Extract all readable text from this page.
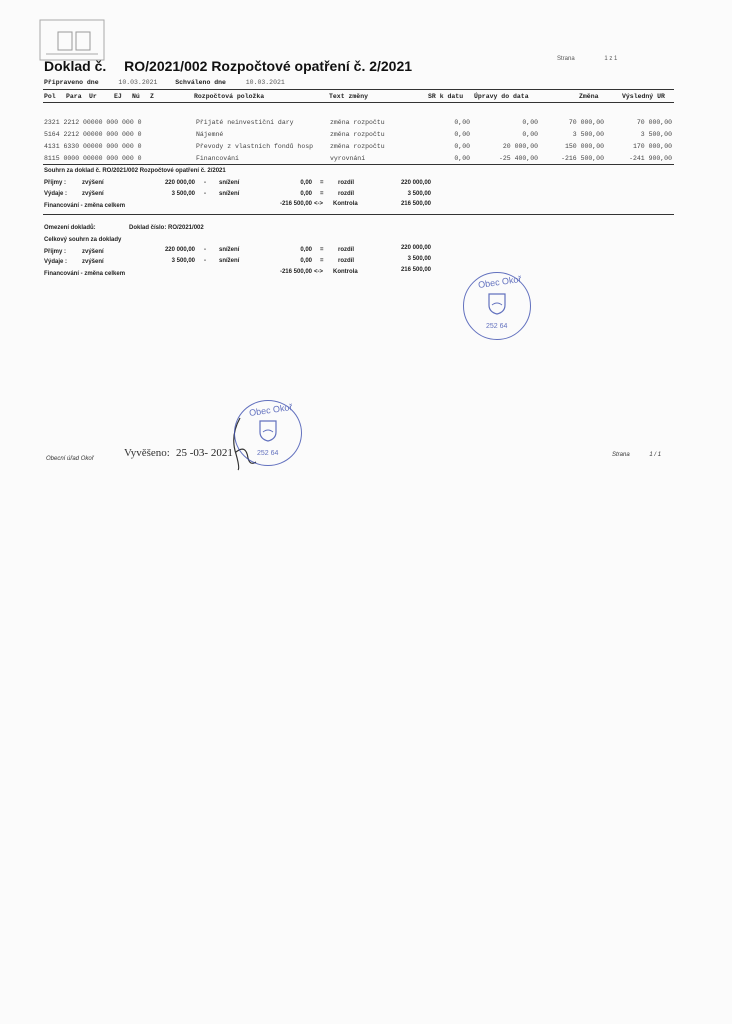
Doklad č. RO/2021/002 Rozpočtové opatření č. 2/2021	Strana	1 z 1
Připraveno dne	10.03.2021	Schváleno dne	10.03.2021
Pol Para Ur	EJ Nú Z	Rozpočtová položka	Text změny	SR k datu Úpravy do data	Změna	Výsledný UR
2321 2212 00000 000 000 0	Přijaté neinvestiční dary	změna rozpočtu	0,00	0,00	70 000,00	70 000,00
5164 2212 00000 000 000 0	Nájemné	změna rozpočtu	0,00	0,00	3 500,00	3 500,00
4131 6330 00000 000 000 0	Převody z vlastních fondů hosp	změna rozpočtu	0,00	20 000,00	150 000,00	170 000,00
8115 0000 00000 000 000 0	Financování	vyrovnání	0,00	-25 400,00	-216 500,00	-241 900,00
Souhrn za doklad č. RO/2021/002 Rozpočtové opatření č. 2/2021
Příjmy :	zvýšení	220 000,00 - snížení	0,00 = rozdíl	220 000,00
Výdaje : zvýšení	3 500,00 - snížení	0,00 = rozdíl	3 500,00
Financování - změna celkem	-216 500,00 <-> Kontrola	216 500,00
Omezení dokladů:	Doklad číslo: RO/2021/002
Celkový souhrn za doklady
Příjmy :	zvýšení	220 000,00 - snížení	0,00 = rozdíl	220 000,00
Výdaje : zvýšení	3 500,00 - snížení	0,00 = rozdíl	3 500,00
Financování - změna celkem	-216 500,00 <-> Kontrola	216 500,00
Obec Okoř
252 64
Obecní úřad Okoř	Vyvěšeno: 25 -03- 2021
Obec Okoř
252 64	Strana	1 / 1
